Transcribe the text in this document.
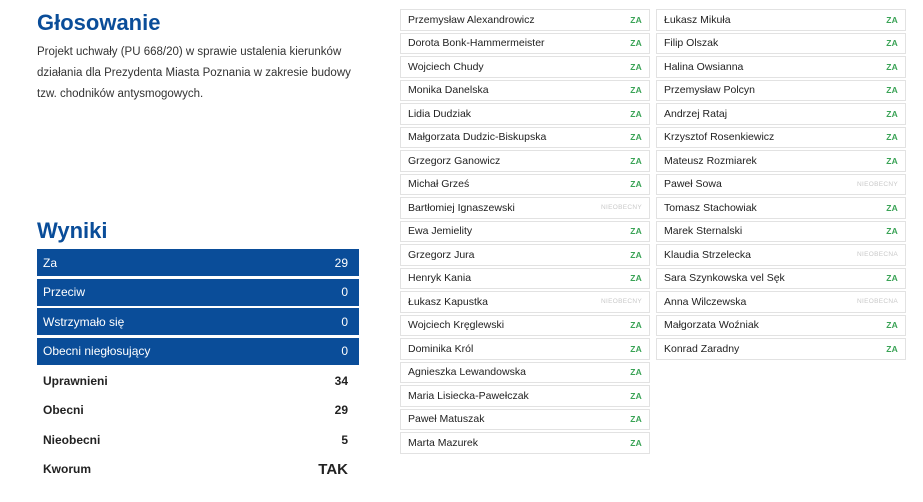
Głosowanie

Projekt uchwały (PU 668/20) w sprawie ustalenia kierunków działania dla Prezydenta Miasta Poznania w zakresie budowy tzw. chodników antysmogowych.

Wyniki
Za	29
Przeciw	0
Wstrzymało się	0
Obecni niegłosujący	0
Uprawnieni	34
Obecni	29
Nieobecni	5
Kworum	TAK
Przemysław Alexandrowicz	ZA
Dorota Bonk-Hammermeister	ZA
Wojciech Chudy	ZA
Monika Danelska	ZA
Lidia Dudziak	ZA
Małgorzata Dudzic-Biskupska	ZA
Grzegorz Ganowicz	ZA
Michał Grześ	ZA
Bartłomiej Ignaszewski	NIEOBECNY
Ewa Jemielity	ZA
Grzegorz Jura	ZA
Henryk Kania	ZA
Łukasz Kapustka	NIEOBECNY
Wojciech Kręglewski	ZA
Dominika Król	ZA
Agnieszka Lewandowska	ZA
Maria Lisiecka-Pawełczak	ZA
Paweł Matuszak	ZA
Marta Mazurek	ZA
Łukasz Mikuła	ZA
Filip Olszak	ZA
Halina Owsianna	ZA
Przemysław Polcyn	ZA
Andrzej Rataj	ZA
Krzysztof Rosenkiewicz	ZA
Mateusz Rozmiarek	ZA
Paweł Sowa	NIEOBECNY
Tomasz Stachowiak	ZA
Marek Sternalski	ZA
Klaudia Strzelecka	NIEOBECNA
Sara Szynkowska vel Sęk	ZA
Anna Wilczewska	NIEOBECNA
Małgorzata Woźniak	ZA
Konrad Zaradny	ZA
